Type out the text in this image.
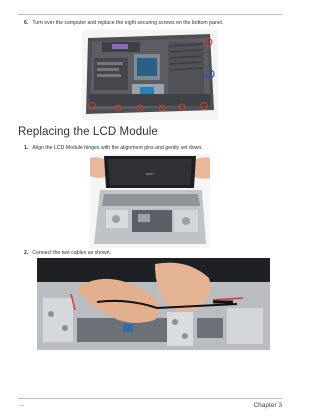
6. Turn over the computer and replace the eight securing screws on the bottom panel.
Replacing the LCD Module
1. Align the LCD Module hinges with the alignment pins and gently set down.
acer
2. Connect the two cables as shown.
···	Chapter 3
